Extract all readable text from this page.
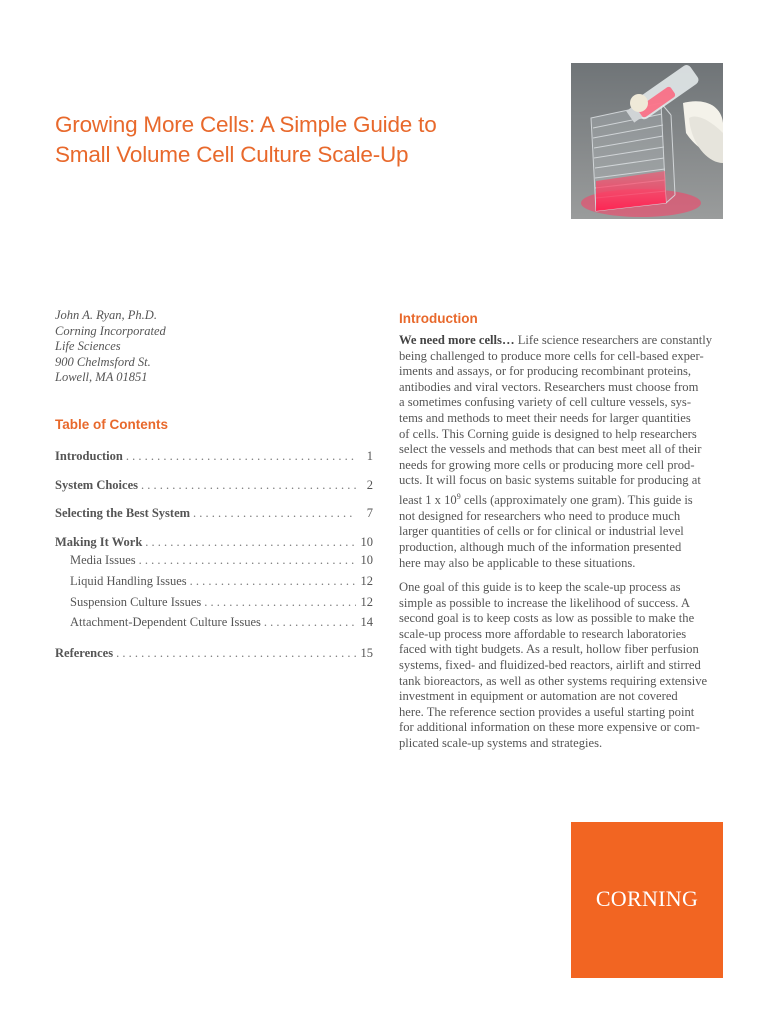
Growing More Cells: A Simple Guide to
Small Volume Cell Culture Scale-Up
John A. Ryan, Ph.D.
Corning Incorporated
Life Sciences
900 Chelmsford St.
Lowell, MA 01851
Table of Contents
Introduction . . .	1
System Choices . . .	2
Selecting the Best System . . .	7
Making It Work . . .	10
Media Issues . . .	10
Liquid Handling Issues . . .	12
Suspension Culture Issues . . .	12
Attachment-Dependent Culture Issues . . .	14
References . . .	15
Introduction

We need more cells… Life science researchers are constantly
being challenged to produce more cells for cell-based exper-
iments and assays, or for producing recombinant proteins,
antibodies and viral vectors. Researchers must choose from
a sometimes confusing variety of cell culture vessels, sys-
tems and methods to meet their needs for larger quantities
of cells. This Corning guide is designed to help researchers
select the vessels and methods that can best meet all of their
needs for growing more cells or producing more cell prod-
ucts. It will focus on basic systems suitable for producing at
least 1 x $10^9$ cells (approximately one gram). This guide is
not designed for researchers who need to produce much
larger quantities of cells or for clinical or industrial level
production, although much of the information presented
here may also be applicable to these situations.

One goal of this guide is to keep the scale-up process as
simple as possible to increase the likelihood of success. A
second goal is to keep costs as low as possible to make the
scale-up process more affordable to research laboratories
faced with tight budgets. As a result, hollow fiber perfusion
systems, fixed- and fluidized-bed reactors, airlift and stirred
tank bioreactors, as well as other systems requiring extensive
investment in equipment or automation are not covered
here. The reference section provides a useful starting point
for additional information on these more expensive or com-
plicated scale-up systems and strategies.

CORNING
